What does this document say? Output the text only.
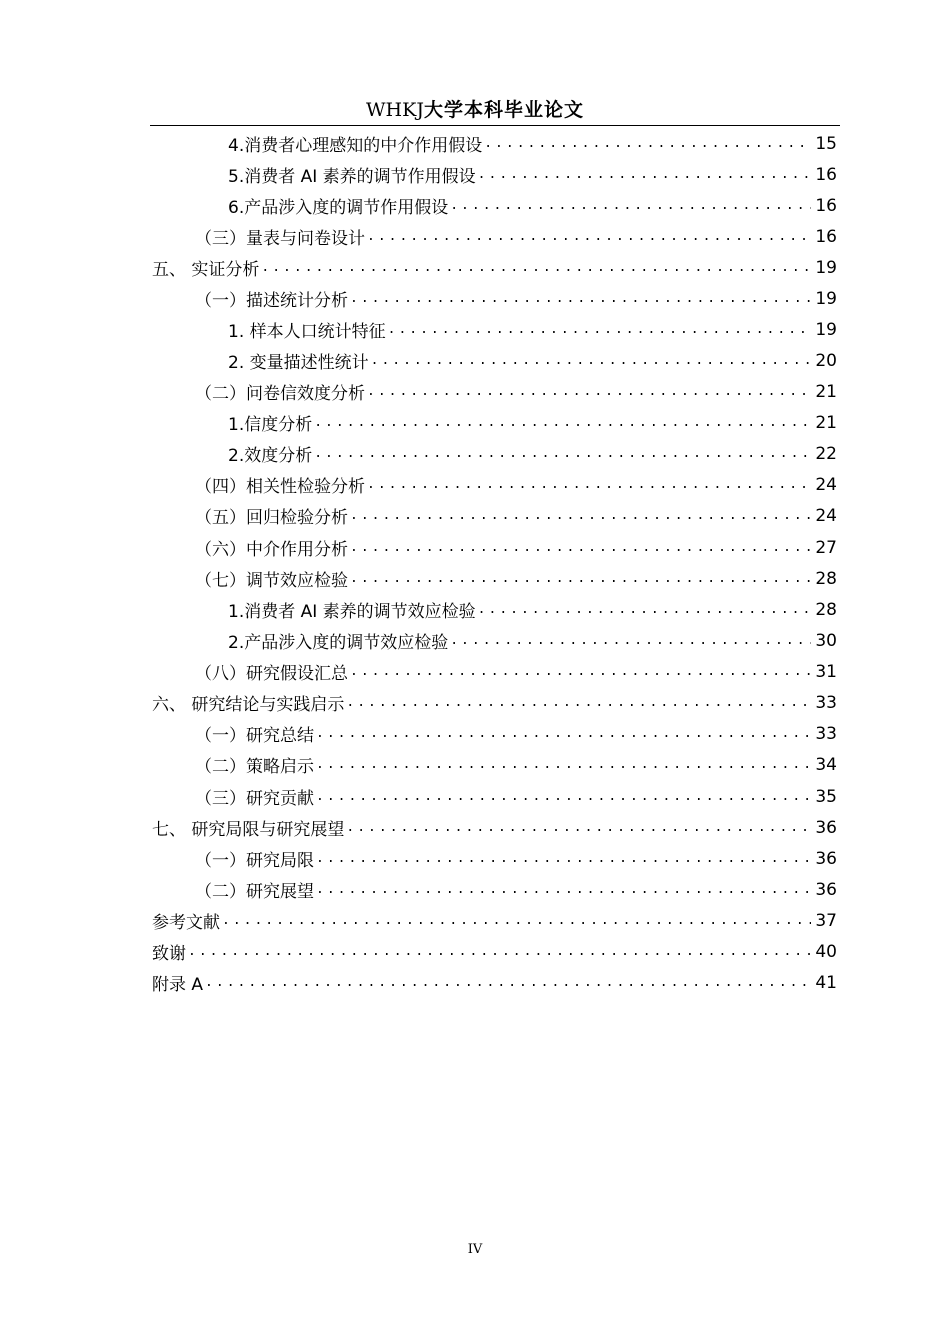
WHKJ大学本科毕业论文
4.消费者心理感知的中介作用假设 .....	15
5.消费者 AI 素养的调节作用假设 .....	16
6.产品涉入度的调节作用假设 .....	16
（三）量表与问卷设计 .....	16
五、 实证分析 .....	19
（一）描述统计分析 .....	19
1. 样本人口统计特征 .....	19
2. 变量描述性统计 .....	20
（二）问卷信效度分析 .....	21
1.信度分析 .....	21
2.效度分析 .....	22
（四）相关性检验分析 .....	24
（五）回归检验分析 .....	24
（六）中介作用分析 .....	27
（七）调节效应检验 .....	28
1.消费者 AI 素养的调节效应检验 .....	28
2.产品涉入度的调节效应检验 .....	30
（八）研究假设汇总 .....	31
六、 研究结论与实践启示 .....	33
（一）研究总结 .....	33
（二）策略启示 .....	34
（三）研究贡献 .....	35
七、 研究局限与研究展望 .....	36
（一）研究局限 .....	36
（二）研究展望 .....	36
参考文献 .....	37
致谢 .....	40
附录 A .....	41
IV
